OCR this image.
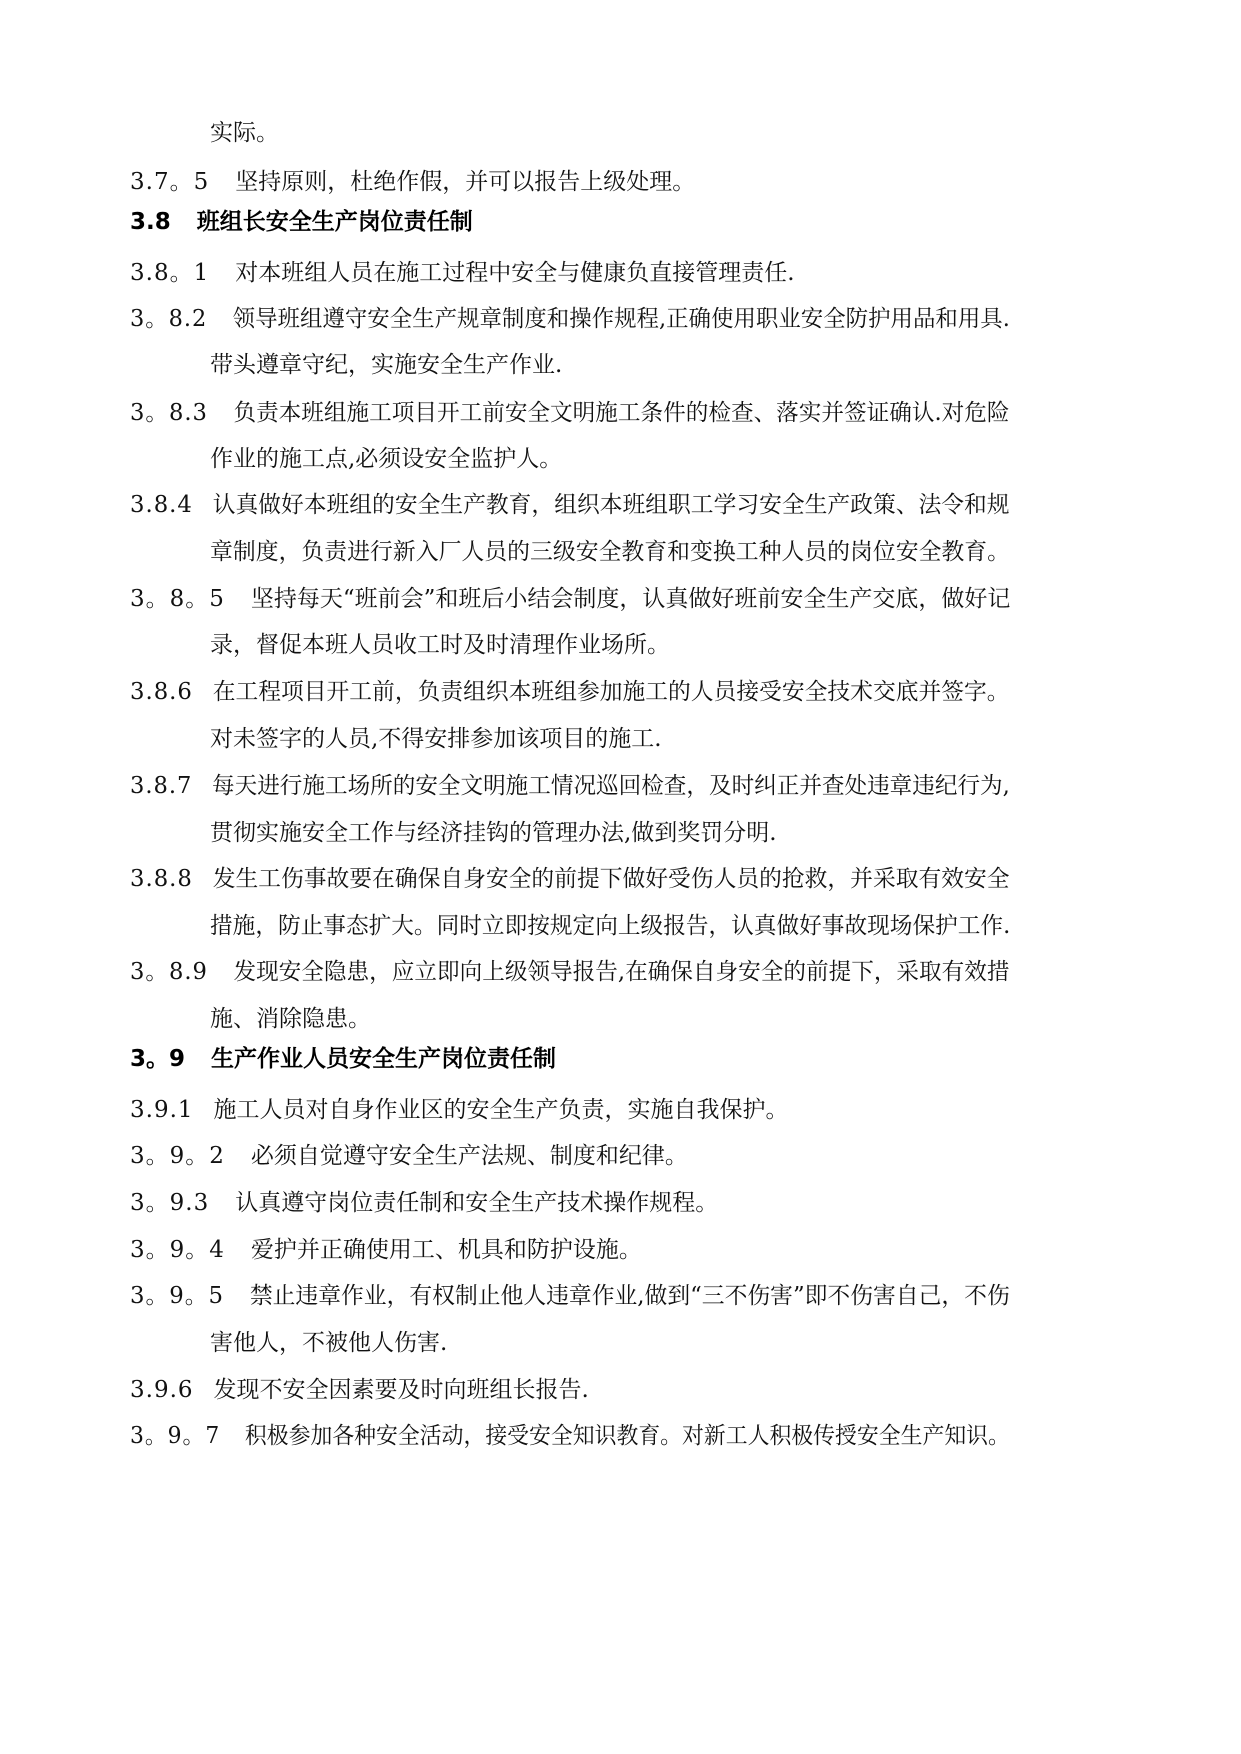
实际。
3.7。5 坚持原则，杜绝作假，并可以报告上级处理。
3.8 班组长安全生产岗位责任制
3.8。1 对本班组人员在施工过程中安全与健康负直接管理责任.
3。8.2 领导班组遵守安全生产规章制度和操作规程,正确使用职业安全防护用品和用具.
带头遵章守纪，实施安全生产作业.
3。8.3 负责本班组施工项目开工前安全文明施工条件的检查、落实并签证确认.对危险
作业的施工点,必须设安全监护人。
3.8.4 认真做好本班组的安全生产教育，组织本班组职工学习安全生产政策、法令和规
章制度，负责进行新入厂人员的三级安全教育和变换工种人员的岗位安全教育。
3。8。5 坚持每天“班前会”和班后小结会制度，认真做好班前安全生产交底，做好记
录，督促本班人员收工时及时清理作业场所。
3.8.6 在工程项目开工前，负责组织本班组参加施工的人员接受安全技术交底并签字。
对未签字的人员,不得安排参加该项目的施工.
3.8.7 每天进行施工场所的安全文明施工情况巡回检查，及时纠正并查处违章违纪行为,
贯彻实施安全工作与经济挂钩的管理办法,做到奖罚分明.
3.8.8 发生工伤事故要在确保自身安全的前提下做好受伤人员的抢救，并采取有效安全
措施，防止事态扩大。同时立即按规定向上级报告，认真做好事故现场保护工作.
3。8.9 发现安全隐患，应立即向上级领导报告,在确保自身安全的前提下，采取有效措
施、消除隐患。
3。9 生产作业人员安全生产岗位责任制
3.9.1 施工人员对自身作业区的安全生产负责，实施自我保护。
3。9。2 必须自觉遵守安全生产法规、制度和纪律。
3。9.3 认真遵守岗位责任制和安全生产技术操作规程。
3。9。4 爱护并正确使用工、机具和防护设施。
3。9。5 禁止违章作业，有权制止他人违章作业,做到“三不伤害”即不伤害自己，不伤
害他人，不被他人伤害.
3.9.6 发现不安全因素要及时向班组长报告.
3。9。7 积极参加各种安全活动，接受安全知识教育。对新工人积极传授安全生产知识。
